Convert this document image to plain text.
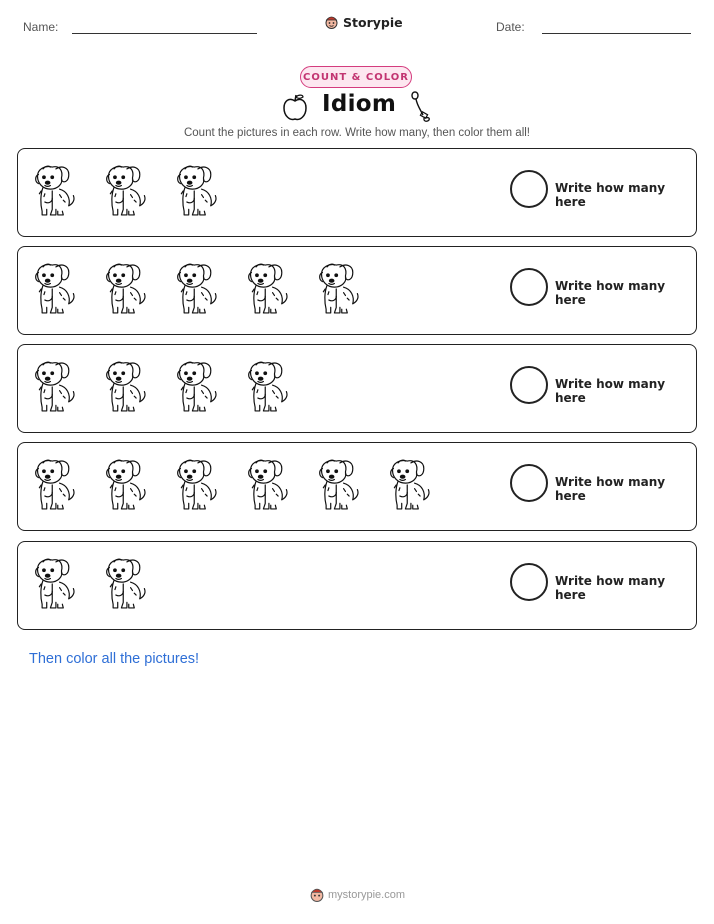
Name:	Storypie	Date:
COUNT & COLOR
Idiom
Count the pictures in each row. Write how many, then color them all!
Write how many here
Write how many here
Write how many here
Write how many here
Write how many here
Then color all the pictures!
mystorypie.com
